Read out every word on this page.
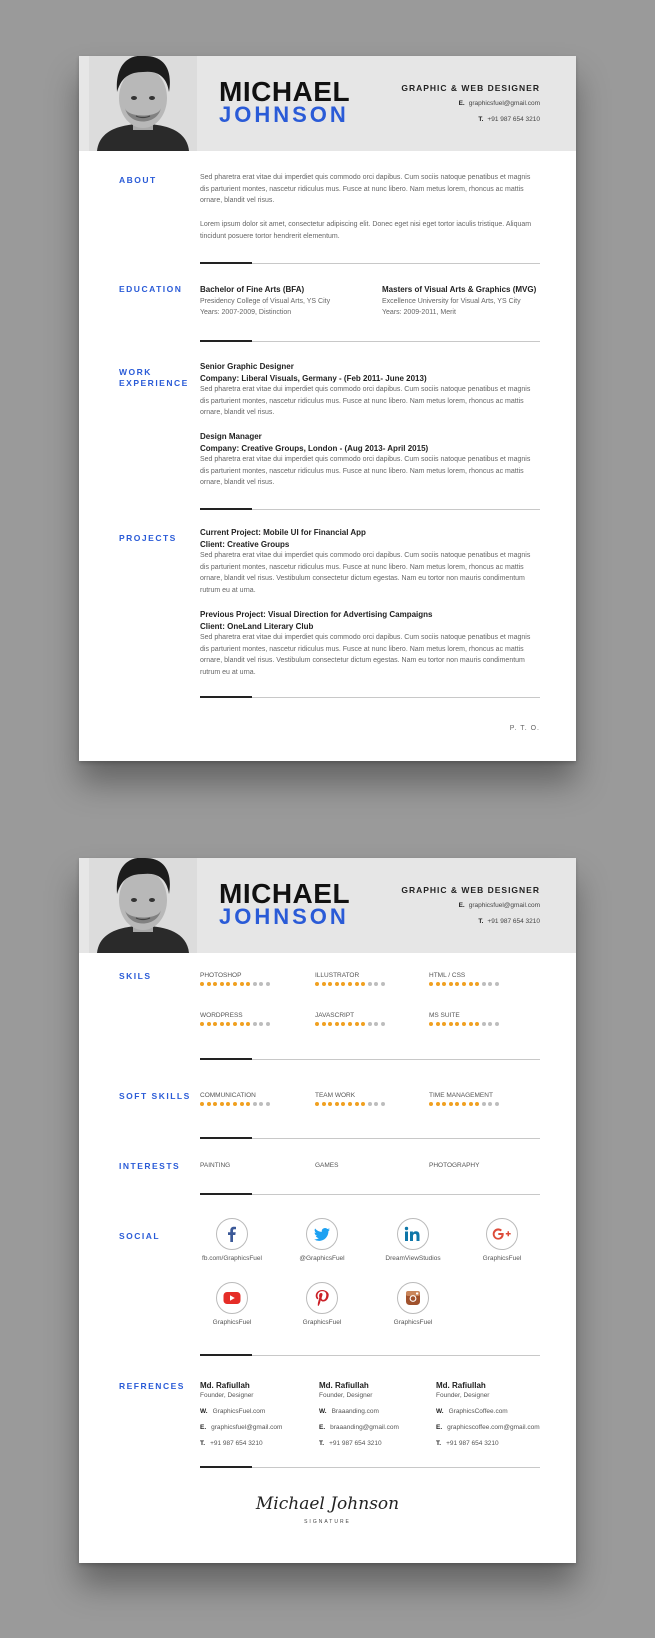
MICHAEL
JOHNSON
GRAPHIC & WEB DESIGNER
E. graphicsfuel@gmail.com
T. +91 987 654 3210
ABOUT	Sed pharetra erat vitae dui imperdiet quis commodo orci dapibus. Cum sociis natoque penatibus et magnis dis parturient montes, nascetur ridiculus mus. Fusce at nunc libero. Nam metus lorem, rhoncus ac mattis ornare, blandit vel risus.
Lorem ipsum dolor sit amet, consectetur adipiscing elit. Donec eget nisi eget tortor iaculis tristique. Aliquam tincidunt posuere tortor hendrerit elementum.
EDUCATION Bachelor of Fine Arts (BFA)
Presidency College of Visual Arts, YS City
Years: 2007-2009, Distinction
Masters of Visual Arts & Graphics (MVG)
Excellence University for Visual Arts, YS City
Years: 2009-2011, Merit
WORK
EXPERIENCE
Senior Graphic Designer
Company: Liberal Visuals, Germany - (Feb 2011- June 2013)
Sed pharetra erat vitae dui imperdiet quis commodo orci dapibus. Cum sociis natoque penatibus et magnis dis parturient montes, nascetur ridiculus mus. Fusce at nunc libero. Nam metus lorem, rhoncus ac mattis ornare, blandit vel risus.
Design Manager
Company: Creative Groups, London - (Aug 2013- April 2015)
Sed pharetra erat vitae dui imperdiet quis commodo orci dapibus. Cum sociis natoque penatibus et magnis dis parturient montes, nascetur ridiculus mus. Fusce at nunc libero. Nam metus lorem, rhoncus ac mattis ornare, blandit vel risus.
PROJECTS
Current Project: Mobile UI for Financial App
Client: Creative Groups
Sed pharetra erat vitae dui imperdiet quis commodo orci dapibus. Cum sociis natoque penatibus et magnis dis parturient montes, nascetur ridiculus mus. Fusce at nunc libero. Nam metus lorem, rhoncus ac mattis ornare, blandit vel risus. Vestibulum consectetur dictum egestas. Nam eu tortor non mauris condimentum rutrum eu at urna.
Previous Project: Visual Direction for Advertising Campaigns
Client: OneLand Literary Club
Sed pharetra erat vitae dui imperdiet quis commodo orci dapibus. Cum sociis natoque penatibus et magnis dis parturient montes, nascetur ridiculus mus. Fusce at nunc libero. Nam metus lorem, rhoncus ac mattis ornare, blandit vel risus. Vestibulum consectetur dictum egestas. Nam eu tortor non mauris condimentum rutrum eu at urna.
P. T. O.
MICHAEL
JOHNSON
GRAPHIC & WEB DESIGNER
E. graphicsfuel@gmail.com
T. +91 987 654 3210
SKILS	PHOTOSHOP	ILLUSTRATOR	HTML / CSS
WORDPRESS	JAVASCRIPT	MS SUITE
SOFT SKILLS COMMUNICATION	TEAM WORK	TIME MANAGEMENT
INTERESTS	PAINTING	GAMES	PHOTOGRAPHY
SOCIAL
fb.com/GraphicsFuel	@GraphicsFuel	DreamViewStudios	GraphicsFuel
GraphicsFuel	GraphicsFuel	GraphicsFuel
REFRENCES Md. Rafiullah
Founder, Designer
W. GraphicsFuel.com
E. graphicsfuel@gmail.com
T. +91 987 654 3210
Md. Rafiullah
Founder, Designer
W. Braaanding.com
E. braaanding@gmail.com
T. +91 987 654 3210
Md. Rafiullah
Founder, Designer
W. GraphicsCoffee.com
E. graphicscoffee.com@gmail.com
T. +91 987 654 3210
Michael Johnson
SIGNATURE
